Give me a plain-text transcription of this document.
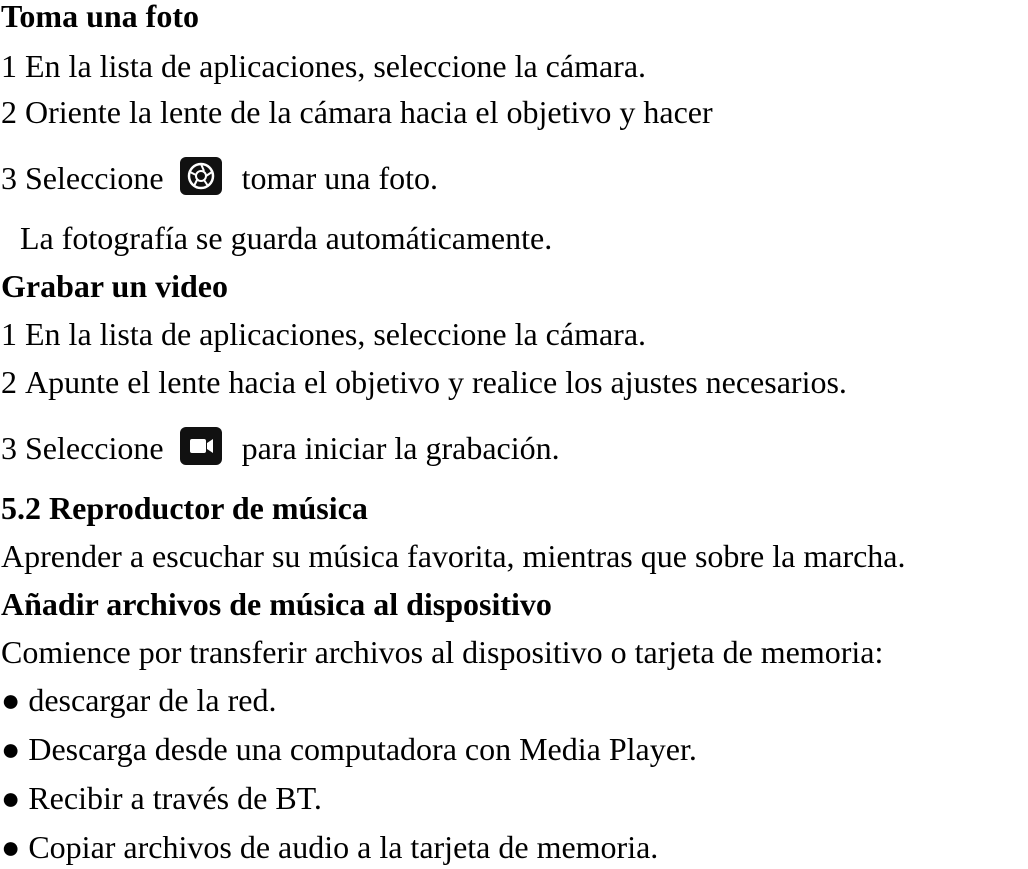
Toma una foto
1 En la lista de aplicaciones, seleccione la cámara.
2 Oriente la lente de la cámara hacia el objetivo y hacer
3 Seleccione tomar una foto.
La fotografía se guarda automáticamente.
Grabar un video
1 En la lista de aplicaciones, seleccione la cámara.
2 Apunte el lente hacia el objetivo y realice los ajustes necesarios.
3 Seleccione para iniciar la grabación.
5.2 Reproductor de música
Aprender a escuchar su música favorita, mientras que sobre la marcha.
Añadir archivos de música al dispositivo
Comience por transferir archivos al dispositivo o tarjeta de memoria:
● descargar de la red.
● Descarga desde una computadora con Media Player.
● Recibir a través de BT.
● Copiar archivos de audio a la tarjeta de memoria.
